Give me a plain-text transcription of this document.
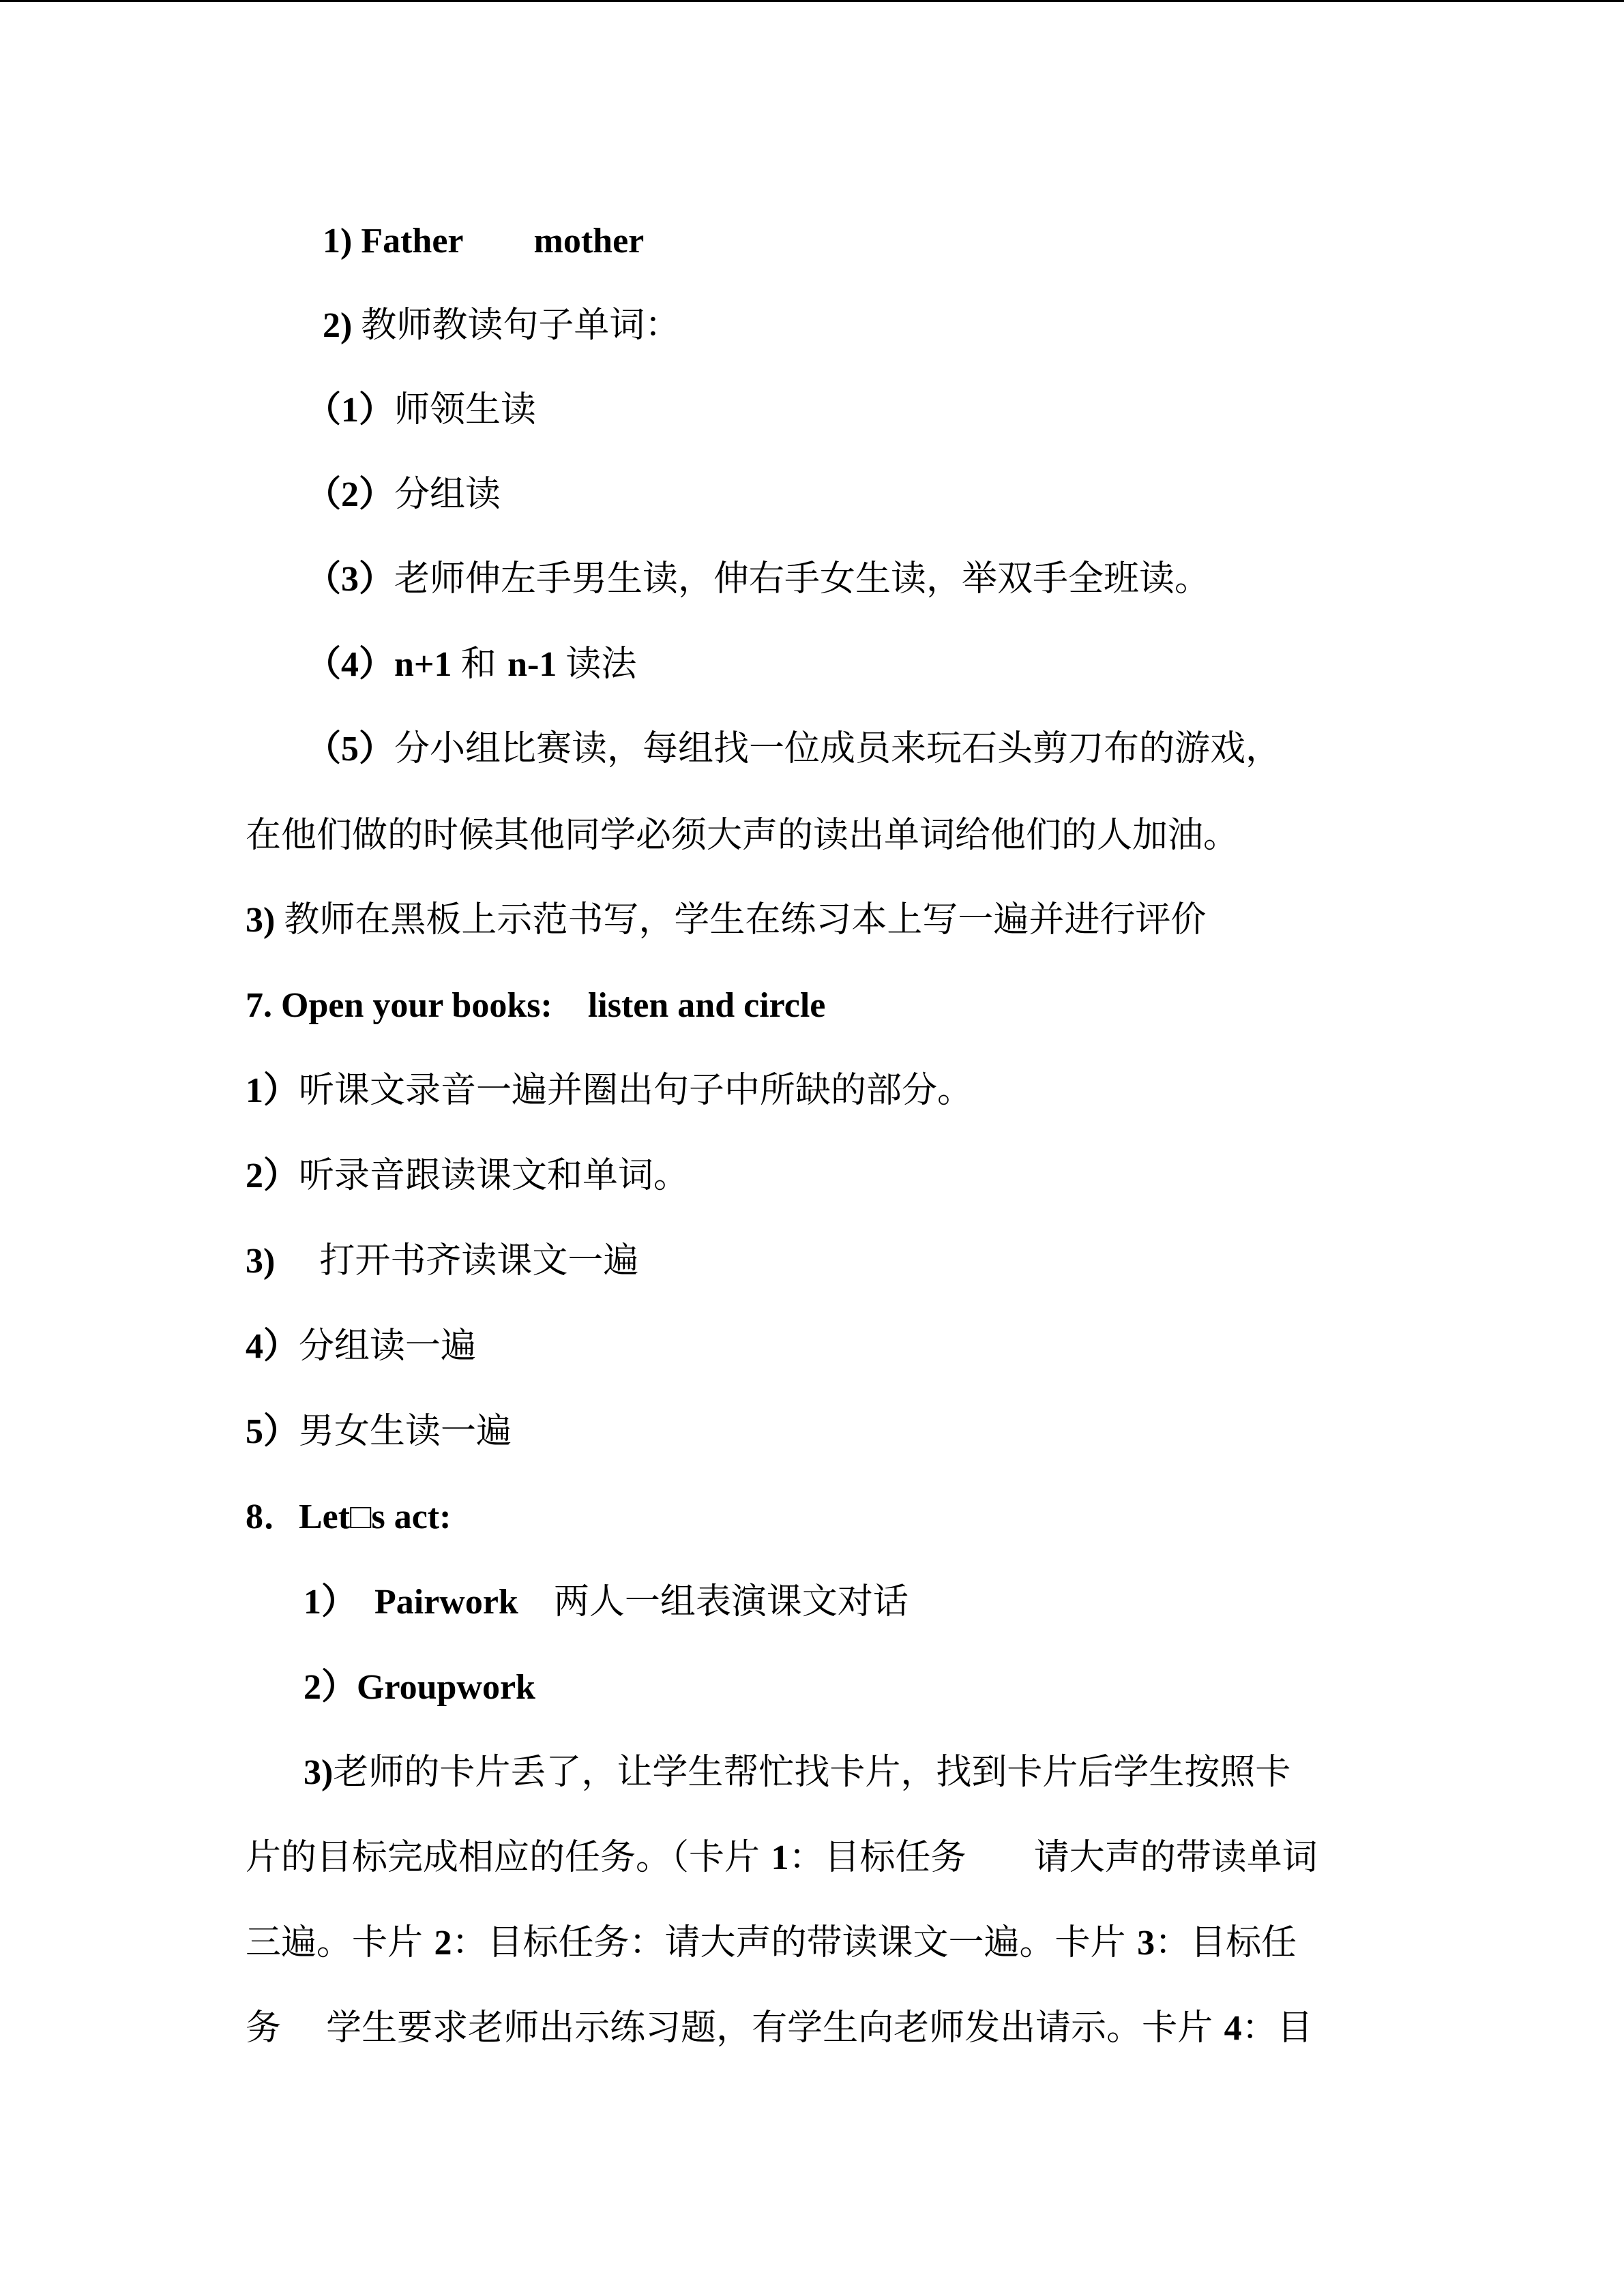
1) Father        mother
2) 教师教读句子单词：
（1）师领生读
（2）分组读
（3）老师伸左手男生读，伸右手女生读，举双手全班读。
（4）n+1 和 n-1 读法
（5）分小组比赛读，每组找一位成员来玩石头剪刀布的游戏，
在他们做的时候其他同学必须大声的读出单词给他们的人加油。
3) 教师在黑板上示范书写，学生在练习本上写一遍并进行评价
7. Open your books:    listen and circle
1）听课文录音一遍并圈出句子中所缺的部分。
2）听录音跟读课文和单词。
3)     打开书齐读课文一遍
4）分组读一遍
5）男女生读一遍
8．Let□s act:
1）  Pairwork    两人一组表演课文对话
2）Groupwork
3)老师的卡片丢了，让学生帮忙找卡片，找到卡片后学生按照卡
片的目标完成相应的任务。（卡片 1：目标任务      请大声的带读单词
三遍。卡片 2：目标任务：请大声的带读课文一遍。卡片 3：目标任
务    学生要求老师出示练习题，有学生向老师发出请示。卡片 4：目
